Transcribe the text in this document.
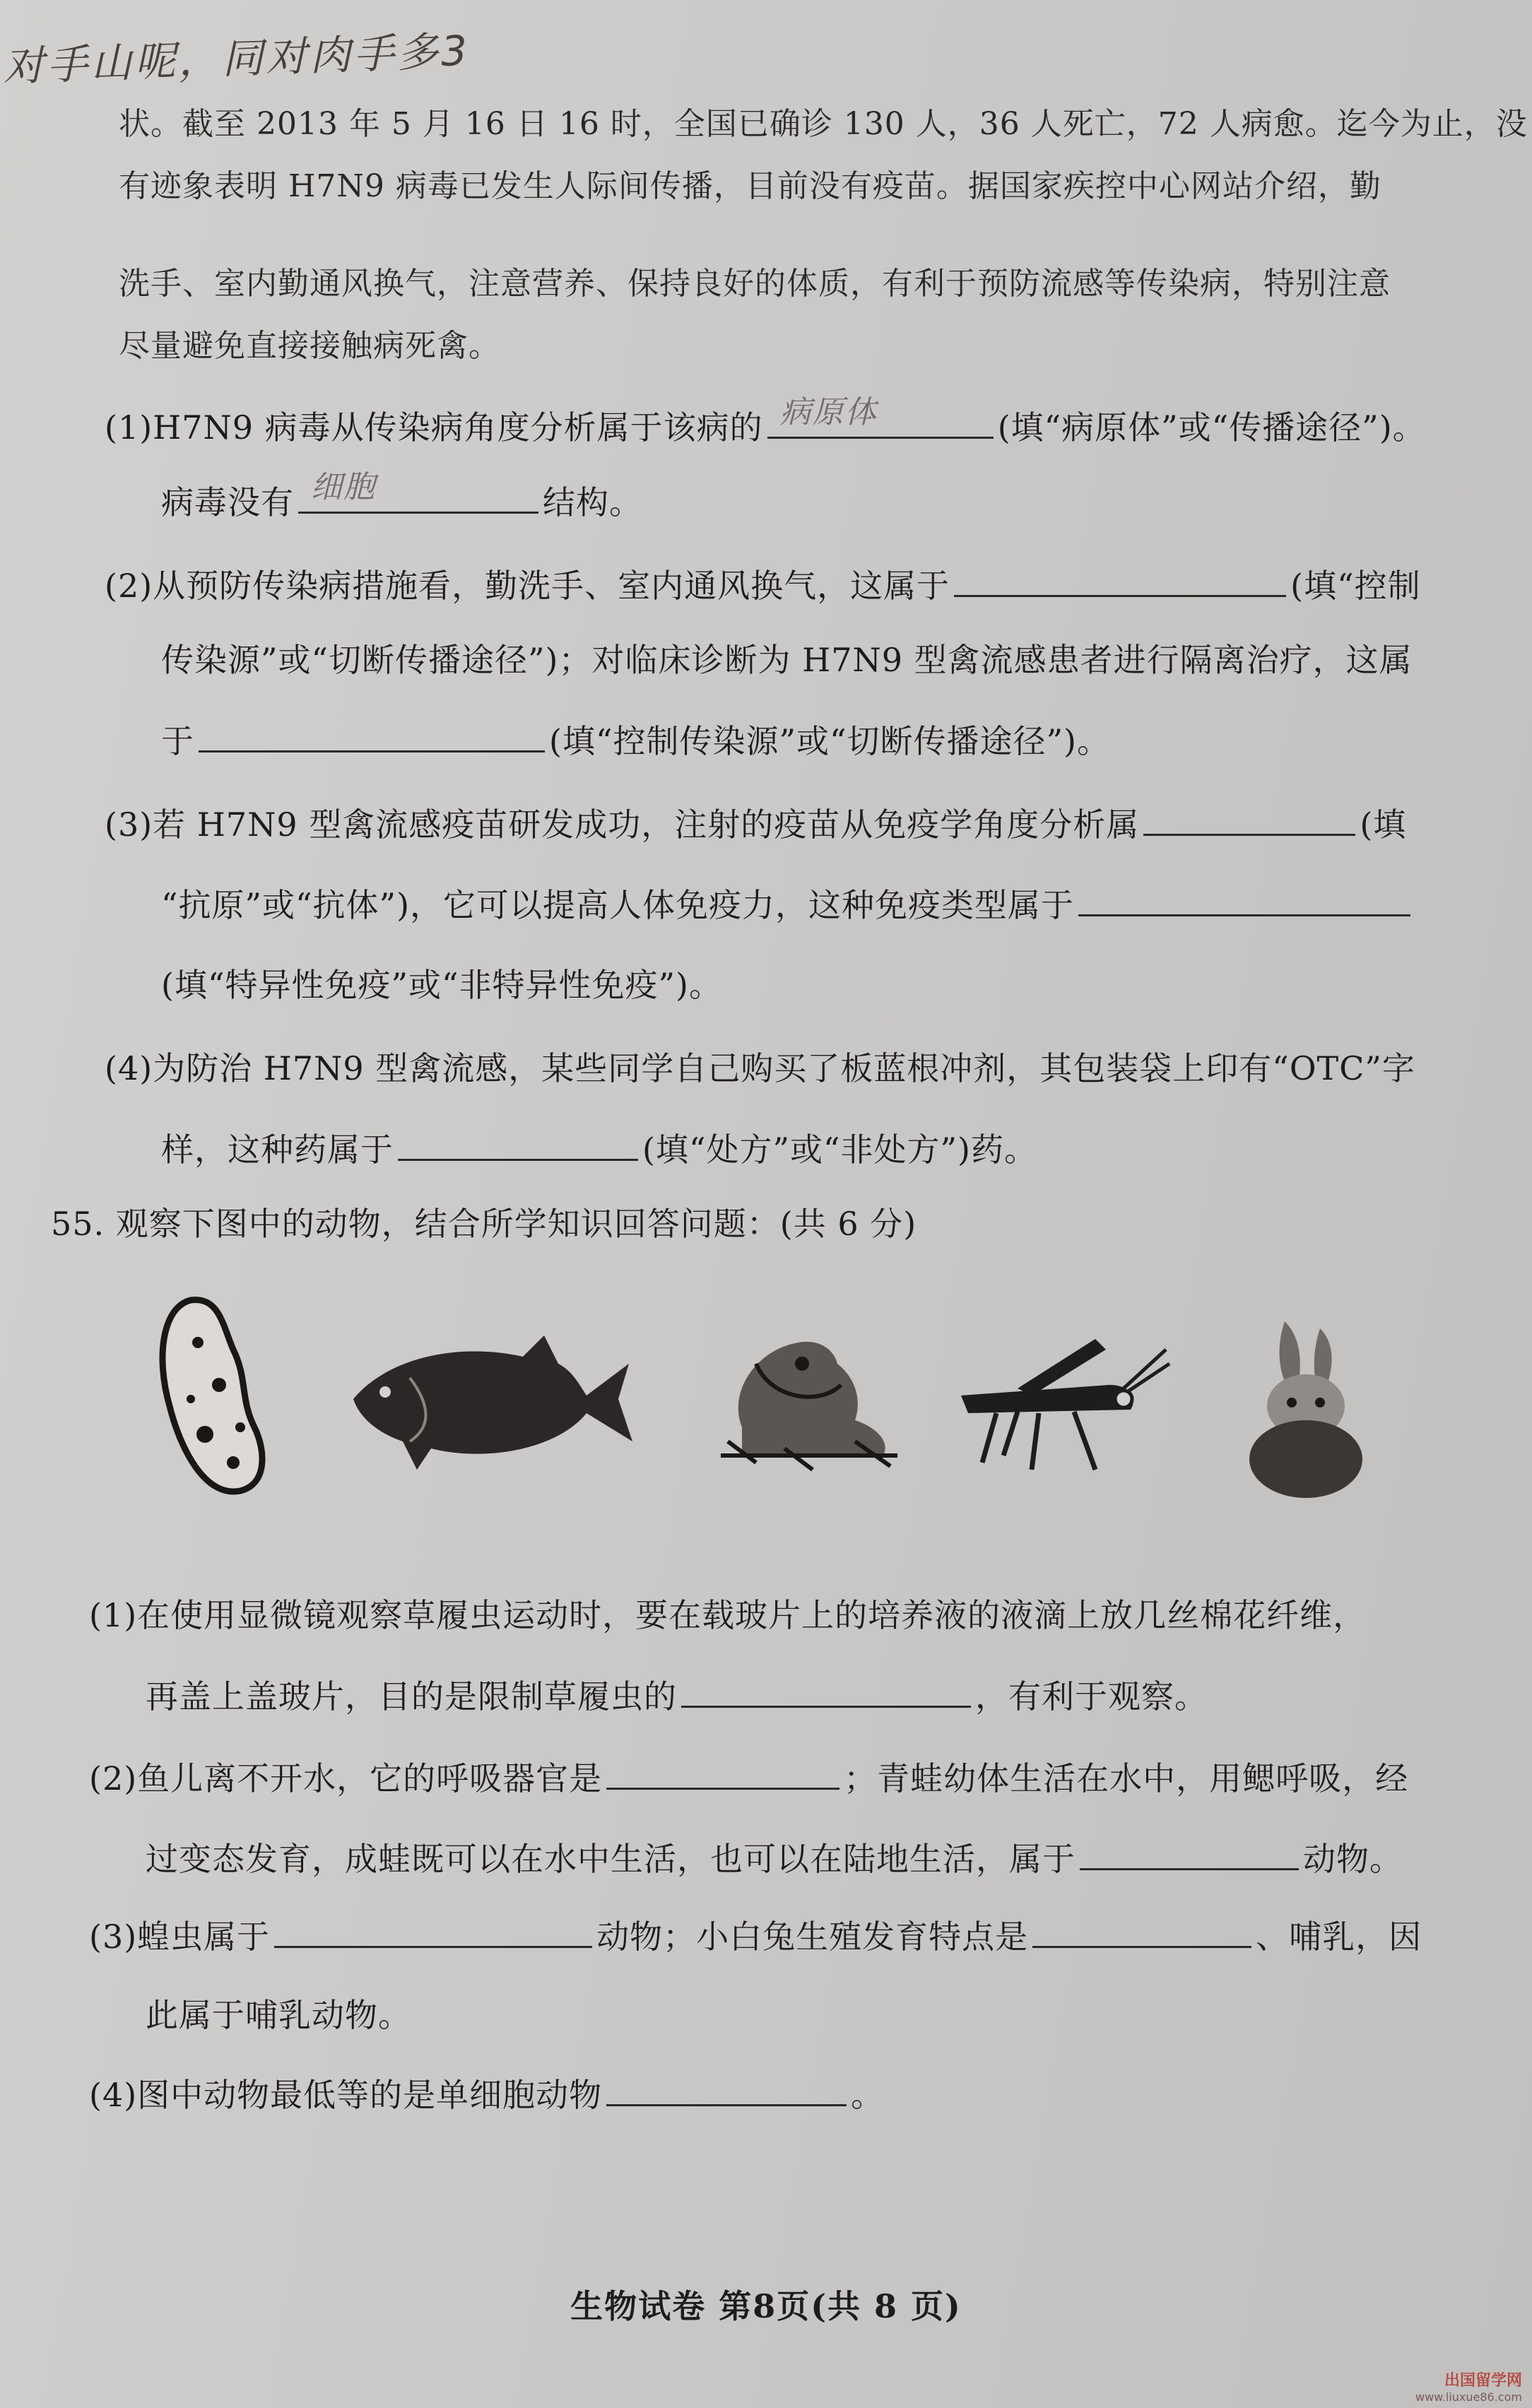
对手山呢，同对肉手多3
状。截至 2013 年 5 月 16 日 16 时，全国已确诊 130 人，36 人死亡，72 人病愈。迄今为止，没
有迹象表明 H7N9 病毒已发生人际间传播，目前没有疫苗。据国家疾控中心网站介绍，勤
洗手、室内勤通风换气，注意营养、保持良好的体质，有利于预防流感等传染病，特别注意
尽量避免直接接触病死禽。
(1)H7N9 病毒从传染病角度分析属于该病的 病原体	(填“病原体”或“传播途径”)。
病毒没有 细胞	结构。
(2)从预防传染病措施看，勤洗手、室内通风换气，这属于	(填“控制
传染源”或“切断传播途径”)；对临床诊断为 H7N9 型禽流感患者进行隔离治疗，这属
于	(填“控制传染源”或“切断传播途径”)。
(3)若 H7N9 型禽流感疫苗研发成功，注射的疫苗从免疫学角度分析属	(填
“抗原”或“抗体”)，它可以提高人体免疫力，这种免疫类型属于
(填“特异性免疫”或“非特异性免疫”)。
(4)为防治 H7N9 型禽流感，某些同学自己购买了板蓝根冲剂，其包装袋上印有“OTC”字
样，这种药属于	(填“处方”或“非处方”)药。
55. 观察下图中的动物，结合所学知识回答问题：(共 6 分)
(1)在使用显微镜观察草履虫运动时，要在载玻片上的培养液的液滴上放几丝棉花纤维，
再盖上盖玻片，目的是限制草履虫的	，有利于观察。
(2)鱼儿离不开水，它的呼吸器官是	；青蛙幼体生活在水中，用鳃呼吸，经
过变态发育，成蛙既可以在水中生活，也可以在陆地生活，属于	动物。
(3)蝗虫属于	动物；小白兔生殖发育特点是	、哺乳，因
此属于哺乳动物。
(4)图中动物最低等的是单细胞动物	。
生物试卷 第8页(共 8 页)
出国留学网
www.liuxue86.com
